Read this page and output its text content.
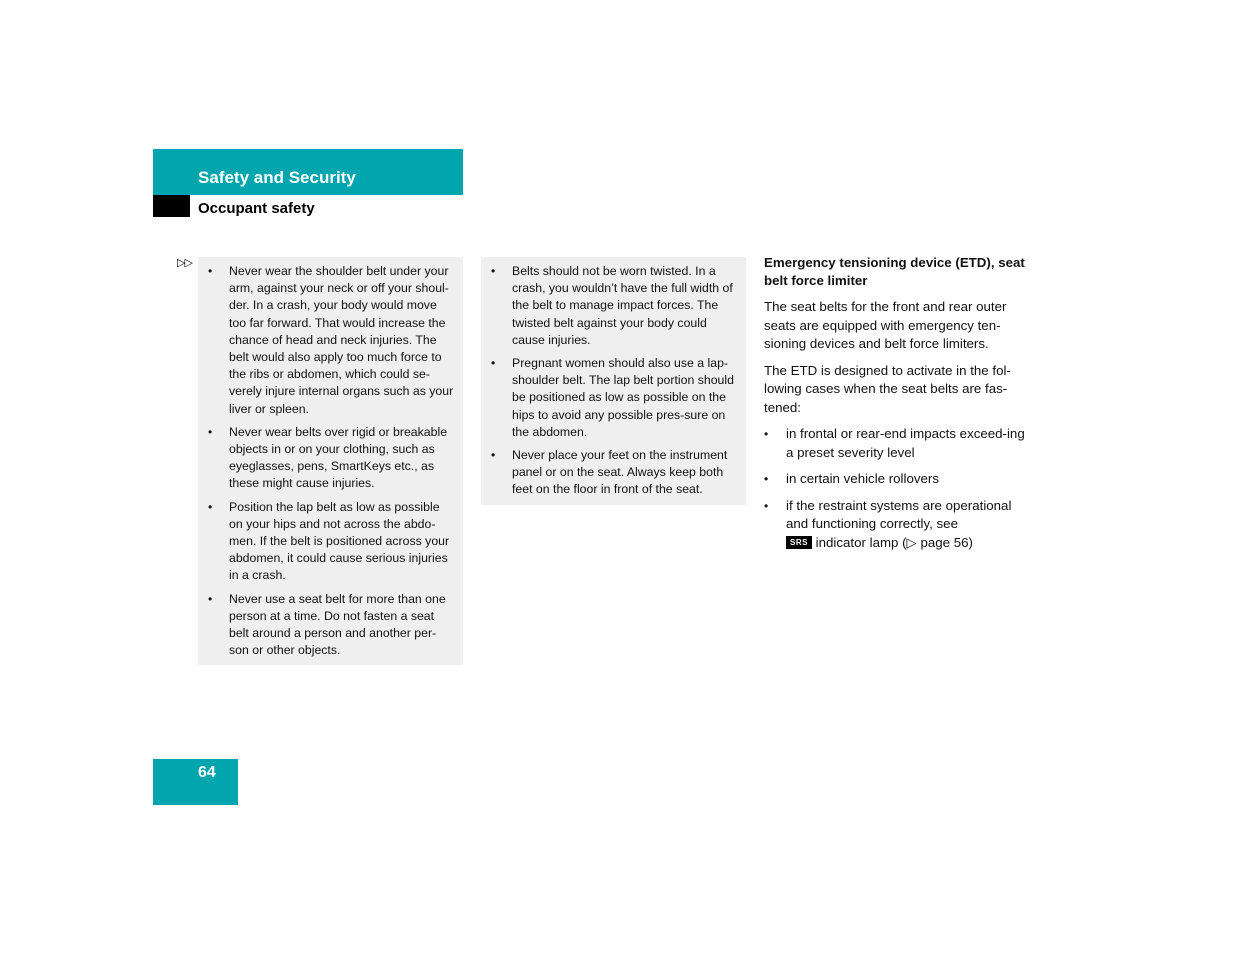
Safety and Security
Occupant safety
▷▷
• Never wear the shoulder belt under your arm, against your neck or off your shoul-der. In a crash, your body would move too far forward. That would increase the chance of head and neck injuries. The belt would also apply too much force to the ribs or abdomen, which could se-verely injure internal organs such as your liver or spleen.
• Never wear belts over rigid or breakable objects in or on your clothing, such as eyeglasses, pens, SmartKeys etc., as these might cause injuries.
• Position the lap belt as low as possible on your hips and not across the abdo-men. If the belt is positioned across your abdomen, it could cause serious injuries in a crash.
• Never use a seat belt for more than one person at a time. Do not fasten a seat belt around a person and another per-son or other objects.
• Belts should not be worn twisted. In a crash, you wouldn’t have the full width of the belt to manage impact forces. The twisted belt against your body could cause injuries.
• Pregnant women should also use a lap-shoulder belt. The lap belt portion should be positioned as low as possible on the hips to avoid any possible pres-sure on the abdomen.
• Never place your feet on the instrument panel or on the seat. Always keep both feet on the floor in front of the seat.

Emergency tensioning device (ETD), seat belt force limiter

The seat belts for the front and rear outer seats are equipped with emergency ten-sioning devices and belt force limiters.

The ETD is designed to activate in the fol-lowing cases when the seat belts are fas-tened:

• in frontal or rear-end impacts exceed-ing a preset severity level
• in certain vehicle rollovers
• if the restraint systems are operational and functioning correctly, see
SRS indicator lamp (▷ page 56)
64
